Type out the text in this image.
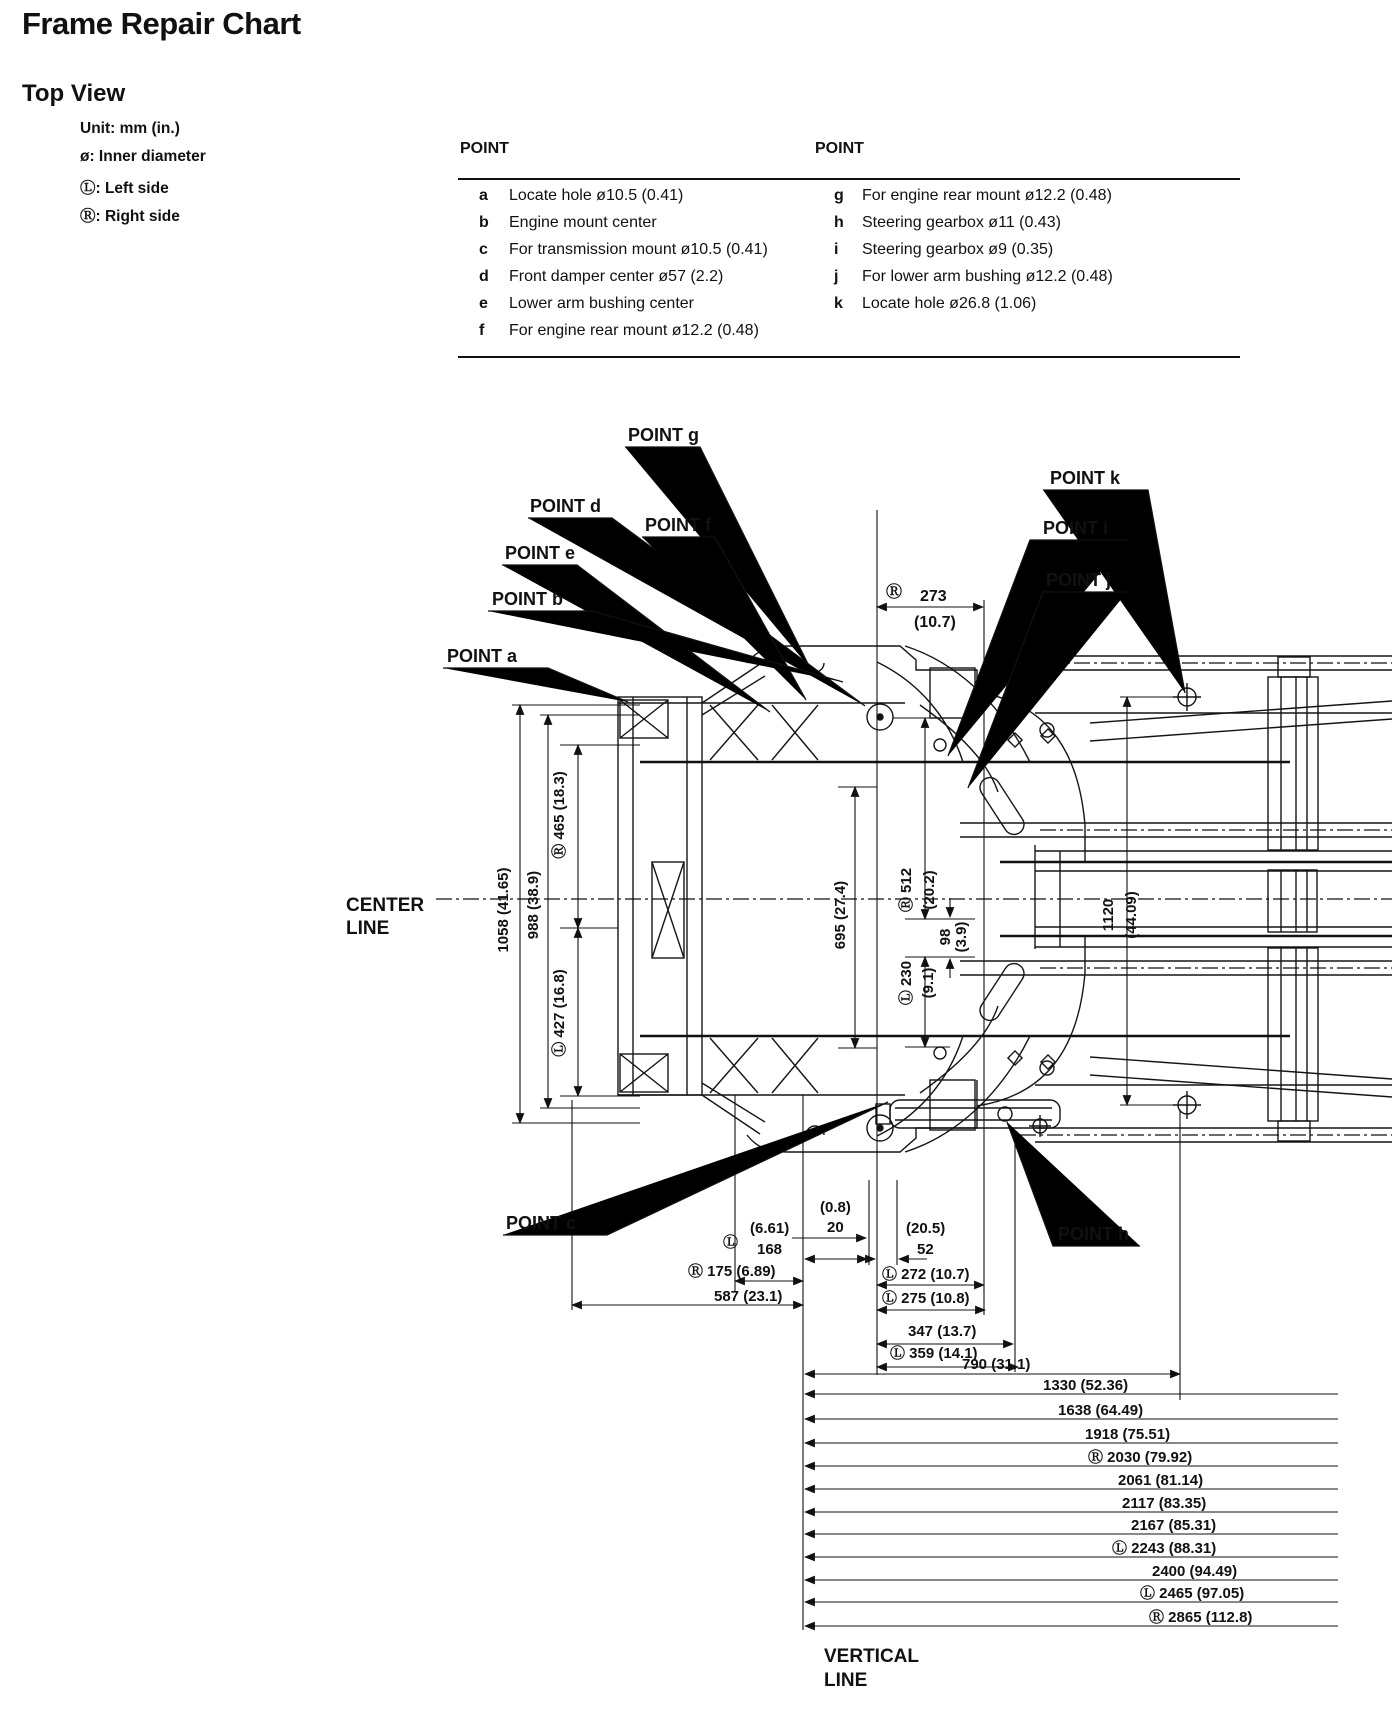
Frame Repair Chart
Top View
Unit: mm (in.)
ø: Inner diameter
Ⓛ: Left side
Ⓡ: Right side
POINT	POINT
a Locate hole ø10.5 (0.41)
b Engine mount center
c For transmission mount ø10.5 (0.41)
d Front damper center ø57 (2.2)
e Lower arm bushing center
f For engine rear mount ø12.2 (0.48)
g For engine rear mount ø12.2 (0.48)
h Steering gearbox ø11 (0.43)
i Steering gearbox ø9 (0.35)
j For lower arm bushing ø12.2 (0.48)
k Locate hole ø26.8 (1.06)
POINT g
POINT k
POINT d
POINT f	POINT i
POINT e
POINT j
POINT b
POINT a
POINT c
POINT h
CENTER
LINE
VERTICAL
LINE
Ⓡ 273
(10.7)
1058 (41.65) 988 (38.9)
Ⓡ 465 (18.3)
Ⓛ 427 (16.8)
695 (27.4)	Ⓡ 512 (20.2)
98 (3.9)
Ⓛ 230 (9.1)
1120 (44.09)
Ⓛ
(6.61)
168
(0.8)
20	(20.5)
52
Ⓡ 175 (6.89)	Ⓛ 272 (10.7)
587 (23.1)	Ⓛ 275 (10.8)
347 (13.7)
Ⓛ 359 (14.1)
790 (31.1)
1330 (52.36)
1638 (64.49)
1918 (75.51)
Ⓡ 2030 (79.92)
2061 (81.14)
2117 (83.35)
2167 (85.31)
Ⓛ 2243 (88.31)
2400 (94.49)
Ⓛ 2465 (97.05)
Ⓡ 2865 (112.8)
